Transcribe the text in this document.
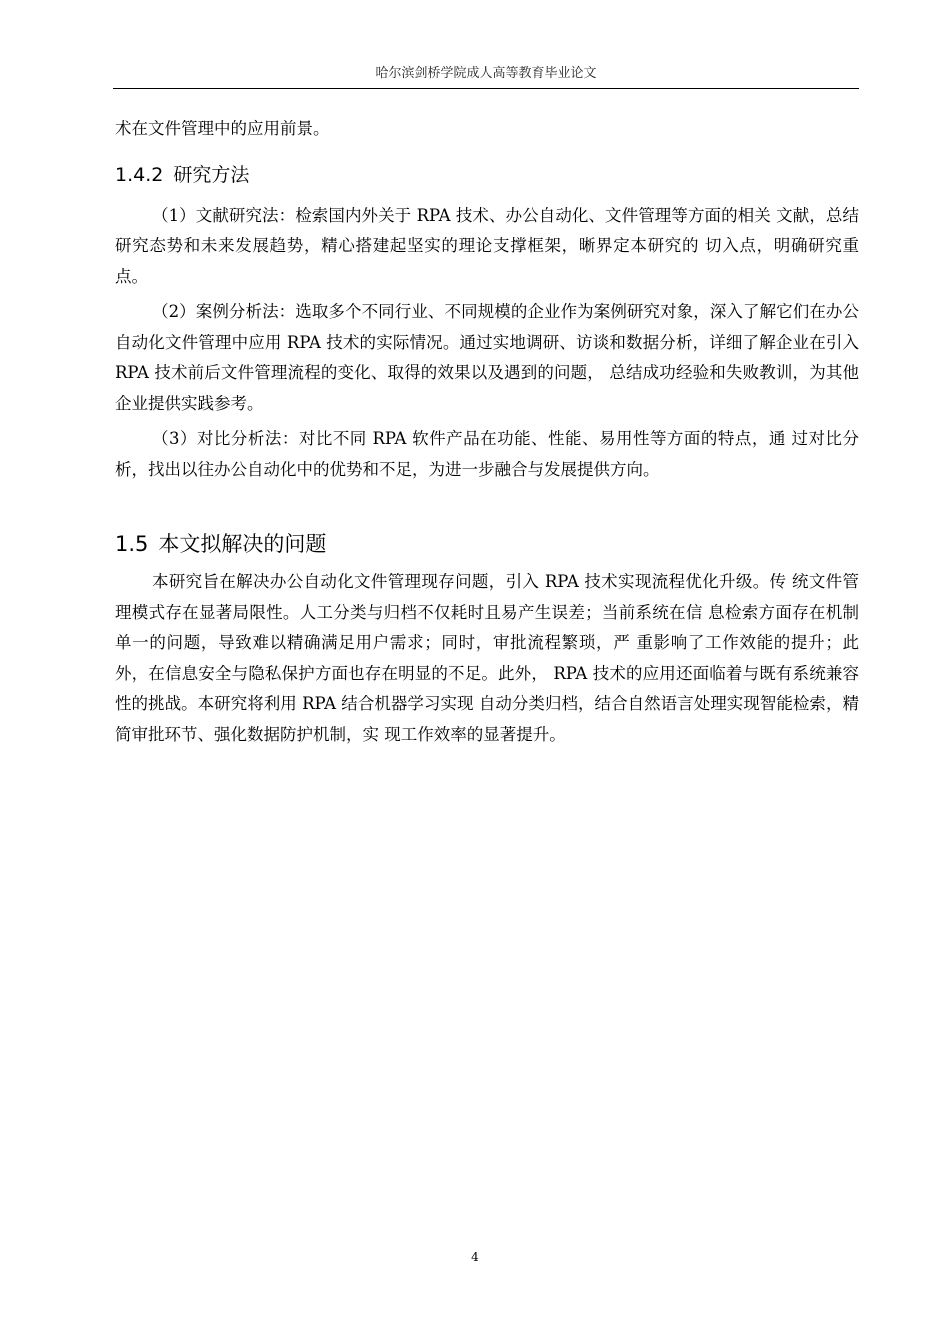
哈尔滨剑桥学院成人高等教育毕业论文

术在文件管理中的应用前景。

1.4.2 研究方法

（1）文献研究法：检索国内外关于 RPA 技术、办公自动化、文件管理等方面的相关 文献，总结研究态势和未来发展趋势，精心搭建起坚实的理论支撑框架，晰界定本研究的 切入点，明确研究重点。

（2）案例分析法：选取多个不同行业、不同规模的企业作为案例研究对象，深入了解它们在办公自动化文件管理中应用 RPA 技术的实际情况。通过实地调研、访谈和数据分析，详细了解企业在引入 RPA 技术前后文件管理流程的变化、取得的效果以及遇到的问题， 总结成功经验和失败教训，为其他企业提供实践参考。

（3）对比分析法：对比不同 RPA 软件产品在功能、性能、易用性等方面的特点，通 过对比分析，找出以往办公自动化中的优势和不足，为进一步融合与发展提供方向。

1.5 本文拟解决的问题

本研究旨在解决办公自动化文件管理现存问题，引入 RPA 技术实现流程优化升级。传 统文件管理模式存在显著局限性。人工分类与归档不仅耗时且易产生误差；当前系统在信 息检索方面存在机制单一的问题，导致难以精确满足用户需求；同时，审批流程繁琐，严 重影响了工作效能的提升；此外，在信息安全与隐私保护方面也存在明显的不足。此外， RPA 技术的应用还面临着与既有系统兼容性的挑战。本研究将利用 RPA 结合机器学习实现 自动分类归档，结合自然语言处理实现智能检索，精简审批环节、强化数据防护机制，实 现工作效率的显著提升。

4
